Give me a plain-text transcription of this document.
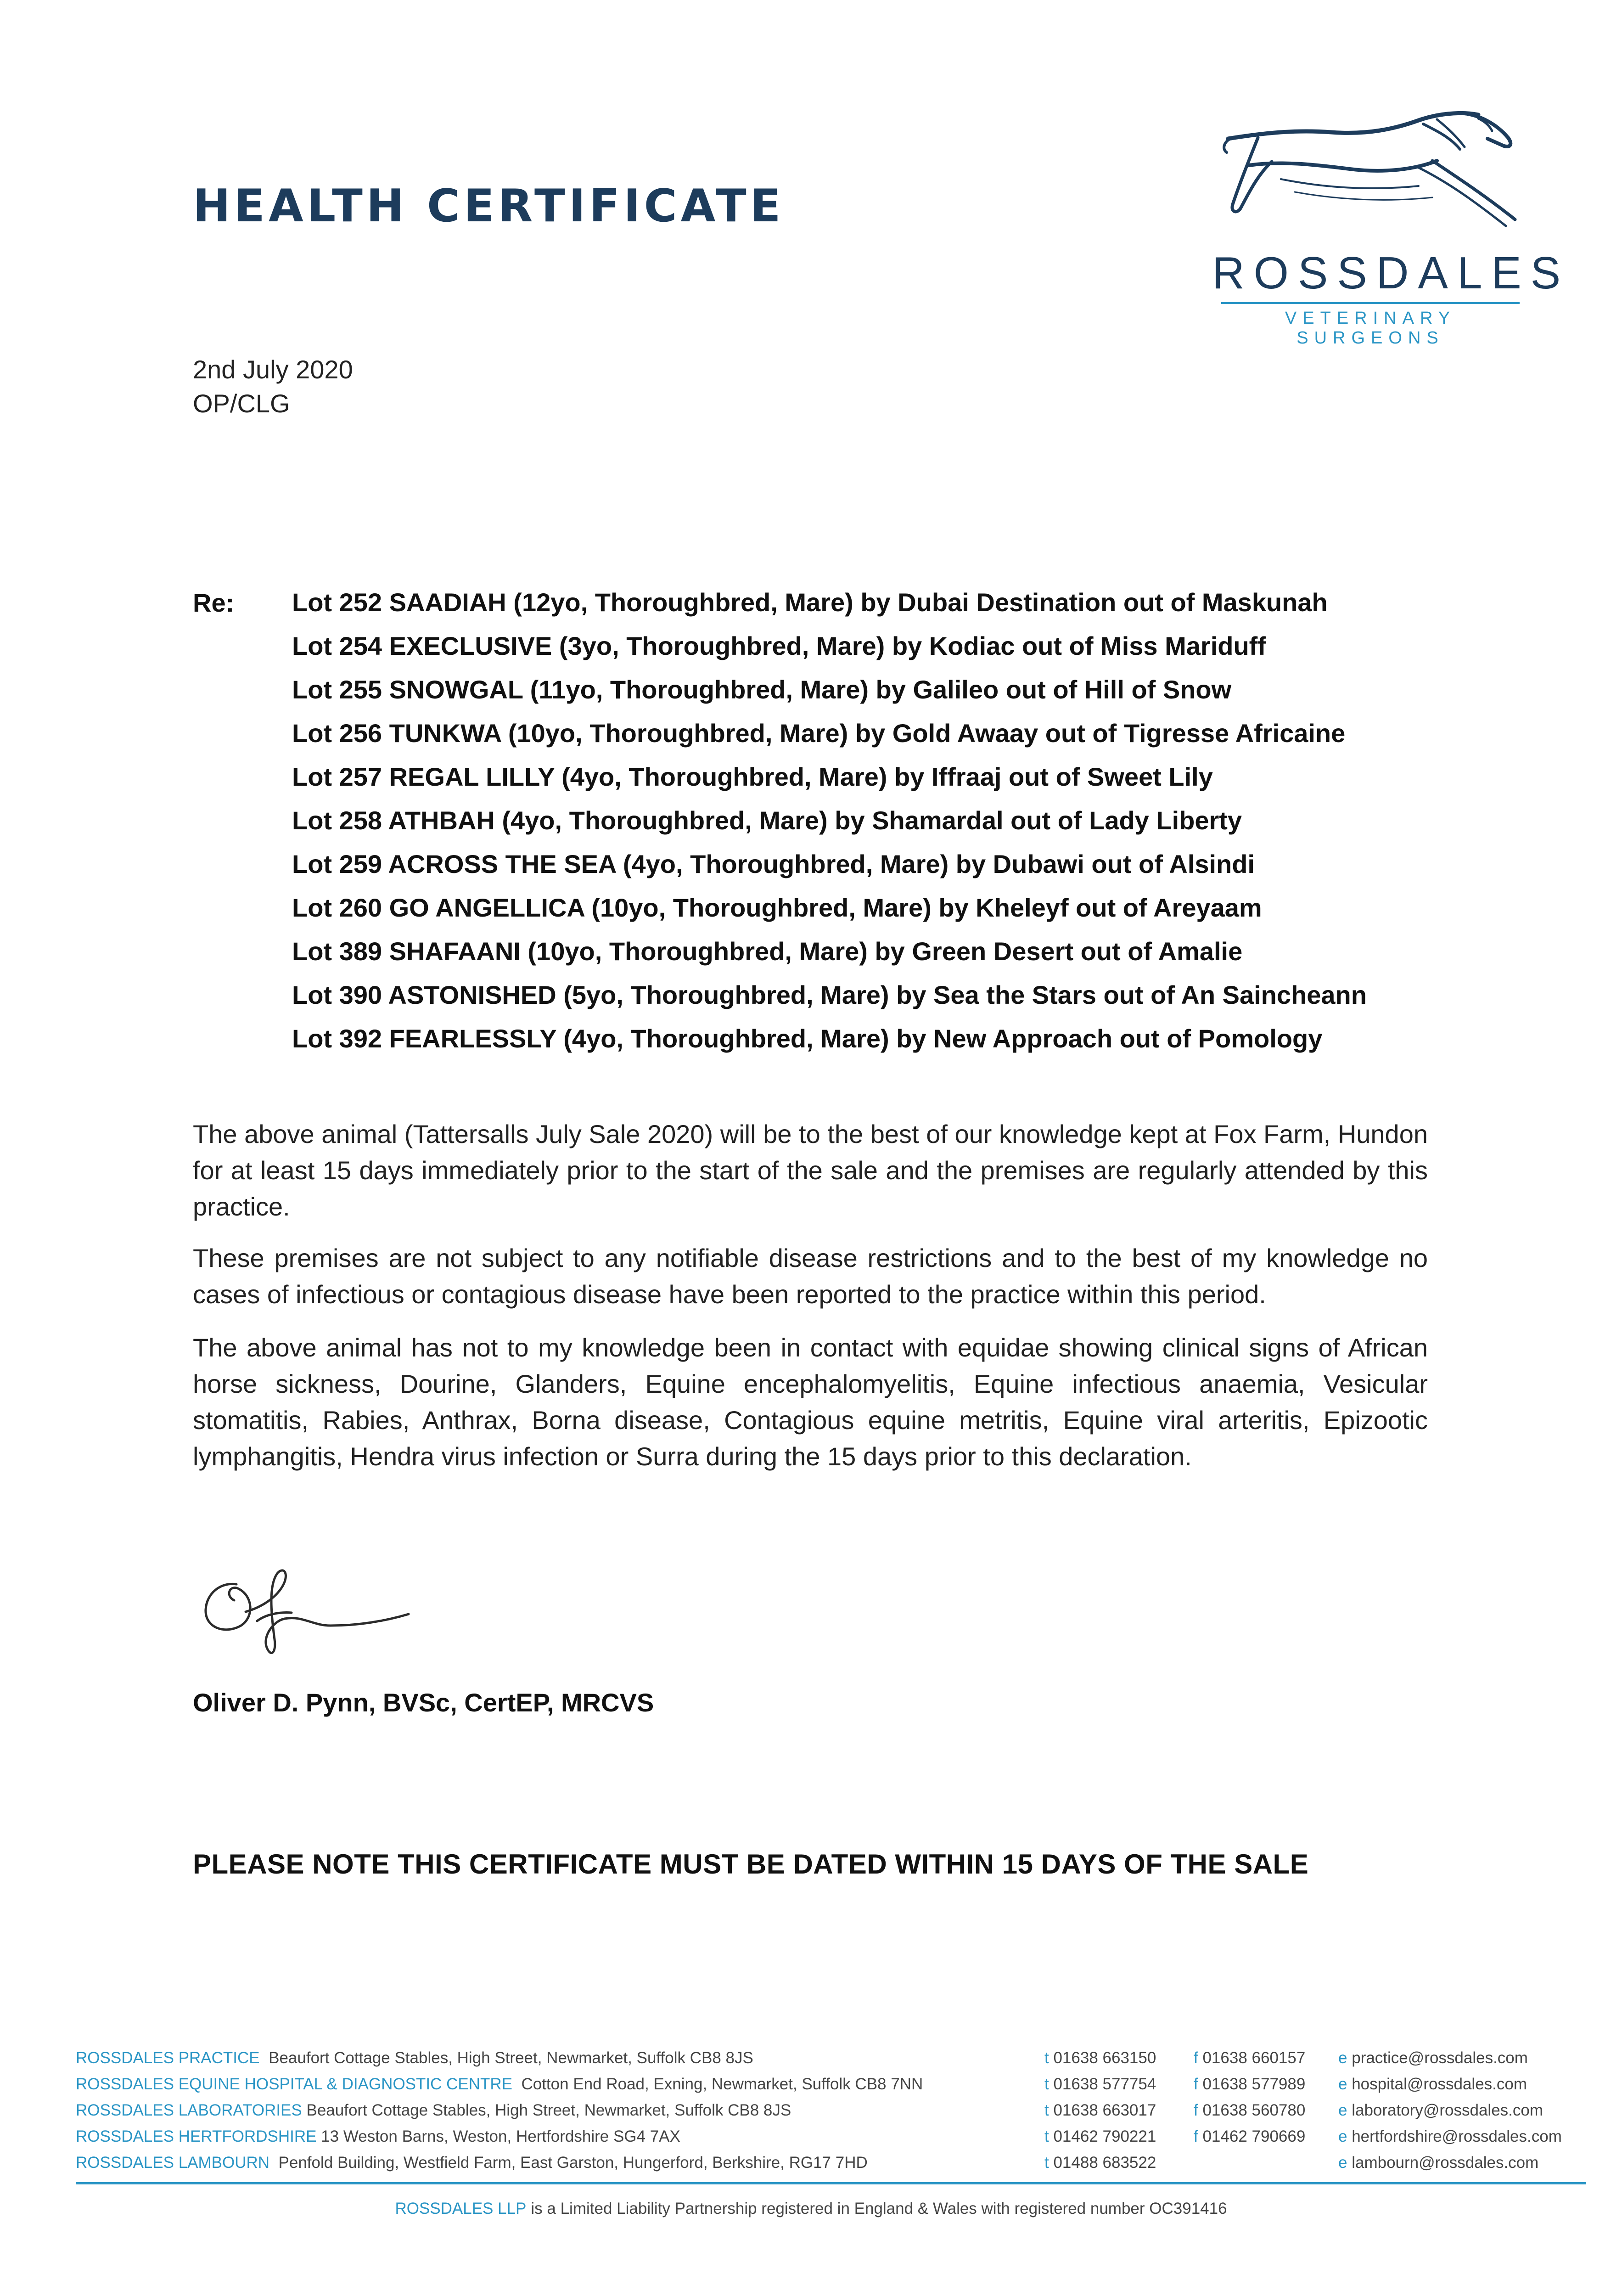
HEALTH CERTIFICATE
ROSSDALES
VETERINARY SURGEONS
2nd July 2020
OP/CLG
Re: Lot 252 SAADIAH (12yo, Thoroughbred, Mare) by Dubai Destination out of Maskunah
Lot 254 EXECLUSIVE (3yo, Thoroughbred, Mare) by Kodiac out of Miss Mariduff
Lot 255 SNOWGAL (11yo, Thoroughbred, Mare) by Galileo out of Hill of Snow
Lot 256 TUNKWA (10yo, Thoroughbred, Mare) by Gold Awaay out of Tigresse Africaine
Lot 257 REGAL LILLY (4yo, Thoroughbred, Mare) by Iffraaj out of Sweet Lily
Lot 258 ATHBAH (4yo, Thoroughbred, Mare) by Shamardal out of Lady Liberty
Lot 259 ACROSS THE SEA (4yo, Thoroughbred, Mare) by Dubawi out of Alsindi
Lot 260 GO ANGELLICA (10yo, Thoroughbred, Mare) by Kheleyf out of Areyaam
Lot 389 SHAFAANI (10yo, Thoroughbred, Mare) by Green Desert out of Amalie
Lot 390 ASTONISHED (5yo, Thoroughbred, Mare) by Sea the Stars out of An Saincheann
Lot 392 FEARLESSLY (4yo, Thoroughbred, Mare) by New Approach out of Pomology

The above animal (Tattersalls July Sale 2020) will be to the best of our knowledge kept at Fox Farm, Hundon for at least 15 days immediately prior to the start of the sale and the premises are regularly attended by this practice.

These premises are not subject to any notifiable disease restrictions and to the best of my knowledge no cases of infectious or contagious disease have been reported to the practice within this period.

The above animal has not to my knowledge been in contact with equidae showing clinical signs of African horse sickness, Dourine, Glanders, Equine encephalomyelitis, Equine infectious anaemia, Vesicular stomatitis, Rabies, Anthrax, Borna disease, Contagious equine metritis, Equine viral arteritis, Epizootic lymphangitis, Hendra virus infection or Surra during the 15 days prior to this declaration.

Oliver D. Pynn, BVSc, CertEP, MRCVS
PLEASE NOTE THIS CERTIFICATE MUST BE DATED WITHIN 15 DAYS OF THE SALE
ROSSDALES PRACTICE Beaufort Cottage Stables, High Street, Newmarket, Suffolk CB8 8JS	t 01638 663150	f 01638 660157	e practice@rossdales.com
ROSSDALES EQUINE HOSPITAL & DIAGNOSTIC CENTRE Cotton End Road, Exning, Newmarket, Suffolk CB8 7NN	t 01638 577754	f 01638 577989	e hospital@rossdales.com
ROSSDALES LABORATORIES Beaufort Cottage Stables, High Street, Newmarket, Suffolk CB8 8JS	t 01638 663017	f 01638 560780	e laboratory@rossdales.com
ROSSDALES HERTFORDSHIRE 13 Weston Barns, Weston, Hertfordshire SG4 7AX	t 01462 790221	f 01462 790669	e hertfordshire@rossdales.com
ROSSDALES LAMBOURN Penfold Building, Westfield Farm, East Garston, Hungerford, Berkshire, RG17 7HD	t 01488 683522		e lambourn@rossdales.com
ROSSDALES LLP is a Limited Liability Partnership registered in England & Wales with registered number OC391416
